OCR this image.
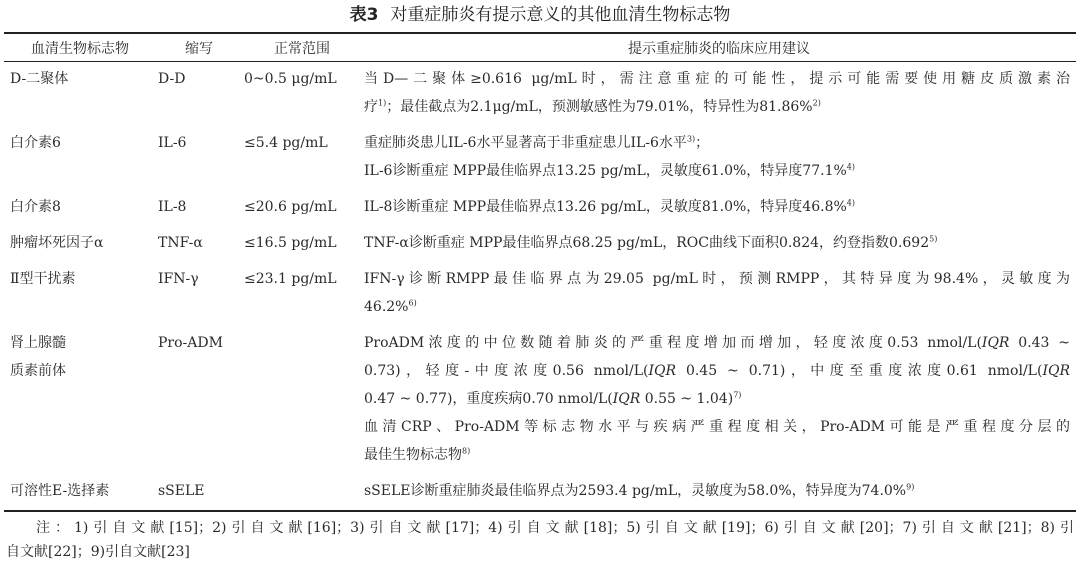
表3 对重症肺炎有提示意义的其他血清生物标志物
血清生物标志物	缩写	正常范围	提示重症肺炎的临床应用建议

D-二聚体	D-D	0~0.5 μg/mL	当D—二聚体≥0.616 μg/mL时，需注意重症的可能性，提示可能需要使用糖皮质激素治
疗$^{1)}$；最佳截点为2.1μg/mL，预测敏感性为79.01%，特异性为81.86%$^{2)}$

白介素6	IL-6	≤5.4 pg/mL	重症肺炎患儿IL-6水平显著高于非重症患儿IL-6水平$^{3)}$；
IL-6诊断重症 MPP最佳临界点13.25 pg/mL，灵敏度61.0%，特异度77.1%$^{4)}$

白介素8	IL-8	≤20.6 pg/mL	IL-8诊断重症 MPP最佳临界点13.26 pg/mL，灵敏度81.0%，特异度46.8%$^{4)}$

肿瘤坏死因子α	TNF-α	≤16.5 pg/mL	TNF-α诊断重症 MPP最佳临界点68.25 pg/mL，ROC曲线下面积0.824，约登指数0.692$^{5)}$

Ⅱ型干扰素	IFN-γ	≤23.1 pg/mL	IFN-γ诊断RMPP最佳临界点为29.05 pg/mL时，预测RMPP，其特异度为98.4%，灵敏度为
46.2%$^{6)}$

肾上腺髓
质素前体	Pro-ADM		ProADM浓度的中位数随着肺炎的严重程度增加而增加，轻度浓度0.53 nmol/L(IQR 0.43 ~
0.73)，轻度-中度浓度0.56 nmol/L(IQR 0.45 ~ 0.71)，中度至重度浓度0.61 nmol/L(IQR
0.47 ~ 0.77)，重度疾病0.70 nmol/L(IQR 0.55 ~ 1.04)$^{7)}$
血清CRP、Pro-ADM等标志物水平与疾病严重程度相关，Pro-ADM可能是严重程度分层的
最佳生物标志物$^{8)}$

可溶性E-选择素	sSELE		sSELE诊断重症肺炎最佳临界点为2593.4 pg/mL，灵敏度为58.0%，特异度为74.0%$^{9)}$
注：1)引自文献[15]；2)引自文献[16]；3)引自文献[17]；4)引自文献[18]；5)引自文献[19]；6)引自文献[20]；7)引自文献[21]；8)引
自文献[22]；9)引自文献[23]
